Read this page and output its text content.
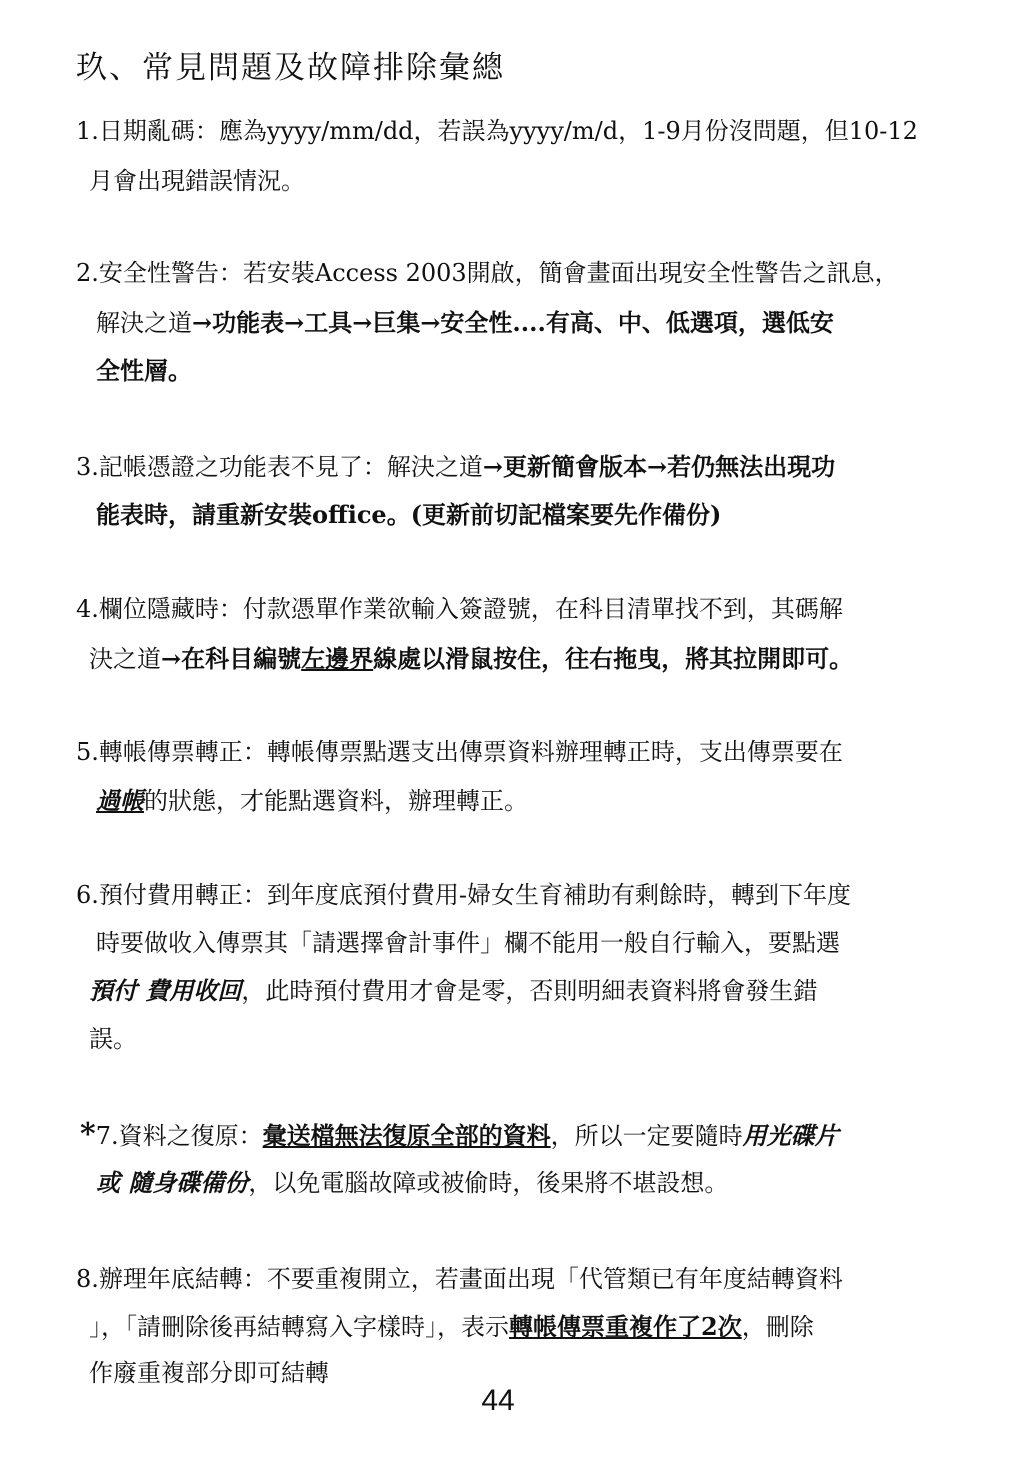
玖、常見問題及故障排除彙總
1.日期亂碼：應為yyyy/mm/dd，若誤為yyyy/m/d，1-9月份沒問題，但10-12
月會出現錯誤情況。
2.安全性警告：若安裝Access 2003開啟，簡會畫面出現安全性警告之訊息，
解決之道→功能表→工具→巨集→安全性....有高、中、低選項，選低安
全性層。
3.記帳憑證之功能表不見了：解決之道→更新簡會版本→若仍無法出現功
能表時，請重新安裝office。(更新前切記檔案要先作備份)
4.欄位隱藏時：付款憑單作業欲輸入簽證號，在科目清單找不到，其碼解
決之道→在科目編號左邊界線處以滑鼠按住，往右拖曳，將其拉開即可。
5.轉帳傳票轉正：轉帳傳票點選支出傳票資料辦理轉正時，支出傳票要在
過帳的狀態，才能點選資料，辦理轉正。
6.預付費用轉正：到年度底預付費用-婦女生育補助有剩餘時，轉到下年度
時要做收入傳票其「請選擇會計事件」欄不能用一般自行輸入，要點選
預付 費用收回，此時預付費用才會是零，否則明細表資料將會發生錯
誤。
*7.資料之復原：彙送檔無法復原全部的資料，所以一定要隨時用光碟片
或 隨身碟備份，以免電腦故障或被偷時，後果將不堪設想。
8.辦理年底結轉：不要重複開立，若畫面出現「代管類已有年度結轉資料
」，「請刪除後再結轉寫入字樣時」，表示轉帳傳票重複作了2次，刪除
作廢重複部分即可結轉
44
